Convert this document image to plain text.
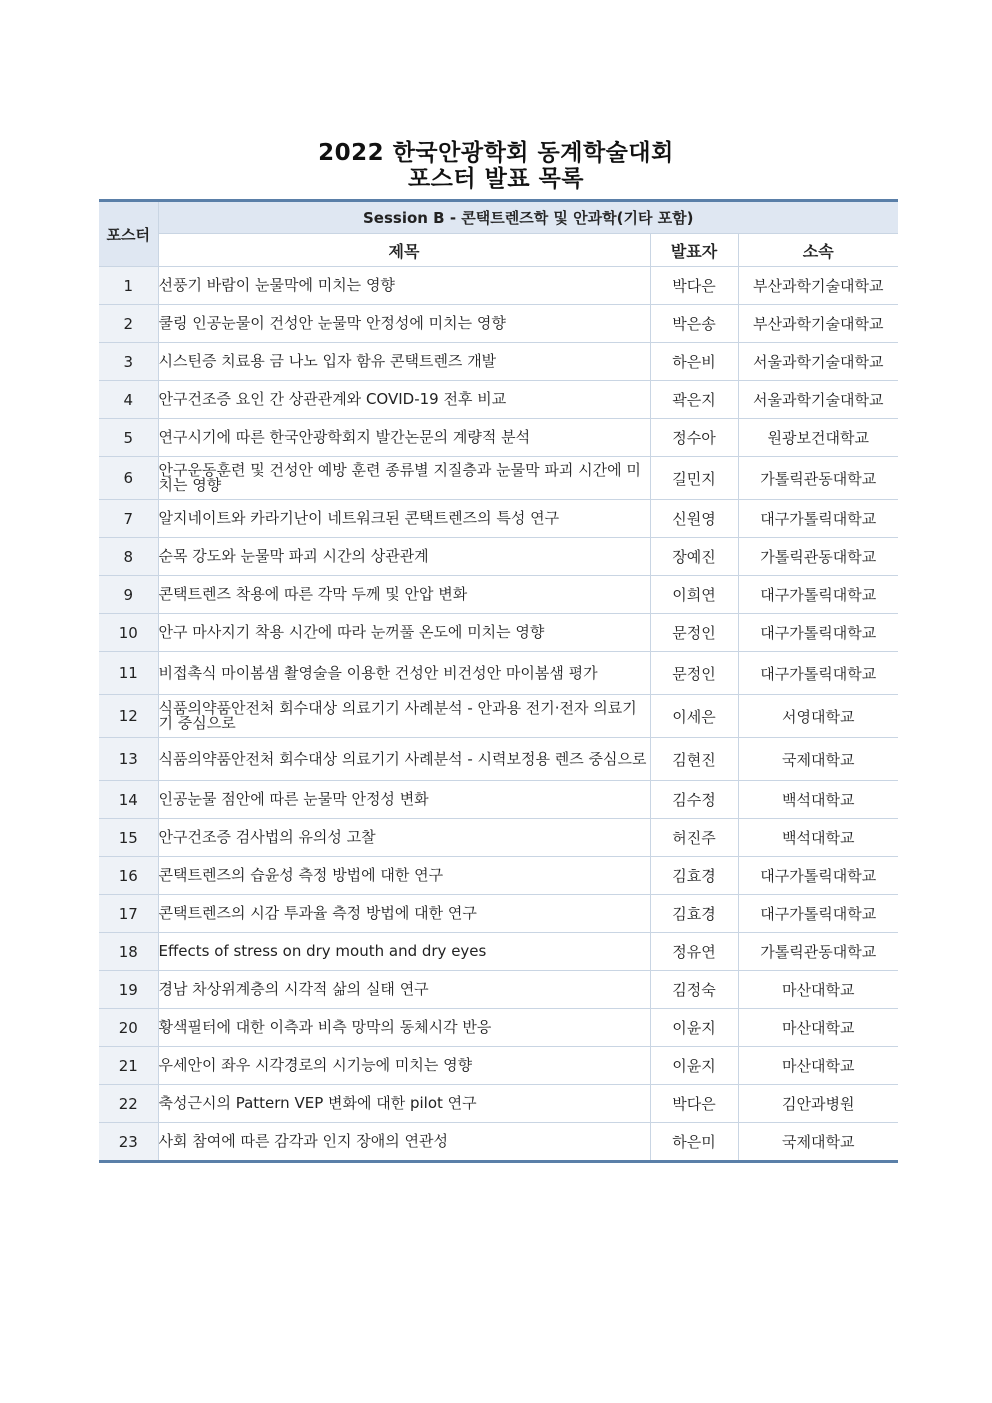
2022 한국안광학회 동계학술대회
포스터 발표 목록
포스터	Session B - 콘택트렌즈학 및 안과학(기타 포함)		
	제목	발표자	소속
1	선풍기 바람이 눈물막에 미치는 영향	박다은	부산과학기술대학교
2	쿨링 인공눈물이 건성안 눈물막 안정성에 미치는 영향	박은송	부산과학기술대학교
3	시스틴증 치료용 금 나노 입자 함유 콘택트렌즈 개발	하은비	서울과학기술대학교
4	안구건조증 요인 간 상관관계와 COVID-19 전후 비교	곽은지	서울과학기술대학교
5	연구시기에 따른 한국안광학회지 발간논문의 계량적 분석	정수아	원광보건대학교
6	안구운동훈련 및 건성안 예방 훈련 종류별 지질층과 눈물막 파괴 시간에 미치는 영향	길민지	가톨릭관동대학교
7	알지네이트와 카라기난이 네트워크된 콘택트렌즈의 특성 연구	신원영	대구가톨릭대학교
8	순목 강도와 눈물막 파괴 시간의 상관관계	장예진	가톨릭관동대학교
9	콘택트렌즈 착용에 따른 각막 두께 및 안압 변화	이희연	대구가톨릭대학교
10	안구 마사지기 착용 시간에 따라 눈꺼풀 온도에 미치는 영향	문정인	대구가톨릭대학교
11	비접촉식 마이봄샘 촬영술을 이용한 건성안 비건성안 마이봄샘 평가	문정인	대구가톨릭대학교
12	식품의약품안전처 회수대상 의료기기 사례분석 - 안과용 전기·전자 의료기기 중심으로	이세은	서영대학교
13	식품의약품안전처 회수대상 의료기기 사례분석 - 시력보정용 렌즈 중심으로	김현진	국제대학교
14	인공눈물 점안에 따른 눈물막 안정성 변화	김수정	백석대학교
15	안구건조증 검사법의 유의성 고찰	허진주	백석대학교
16	콘택트렌즈의 습윤성 측정 방법에 대한 연구	김효경	대구가톨릭대학교
17	콘택트렌즈의 시감 투과율 측정 방법에 대한 연구	김효경	대구가톨릭대학교
18	Effects of stress on dry mouth and dry eyes	정유연	가톨릭관동대학교
19	경남 차상위계층의 시각적 삶의 실태 연구	김정숙	마산대학교
20	황색필터에 대한 이측과 비측 망막의 동체시각 반응	이윤지	마산대학교
21	우세안이 좌우 시각경로의 시기능에 미치는 영향	이윤지	마산대학교
22	축성근시의 Pattern VEP 변화에 대한 pilot 연구	박다은	김안과병원
23	사회 참여에 따른 감각과 인지 장애의 연관성	하은미	국제대학교
